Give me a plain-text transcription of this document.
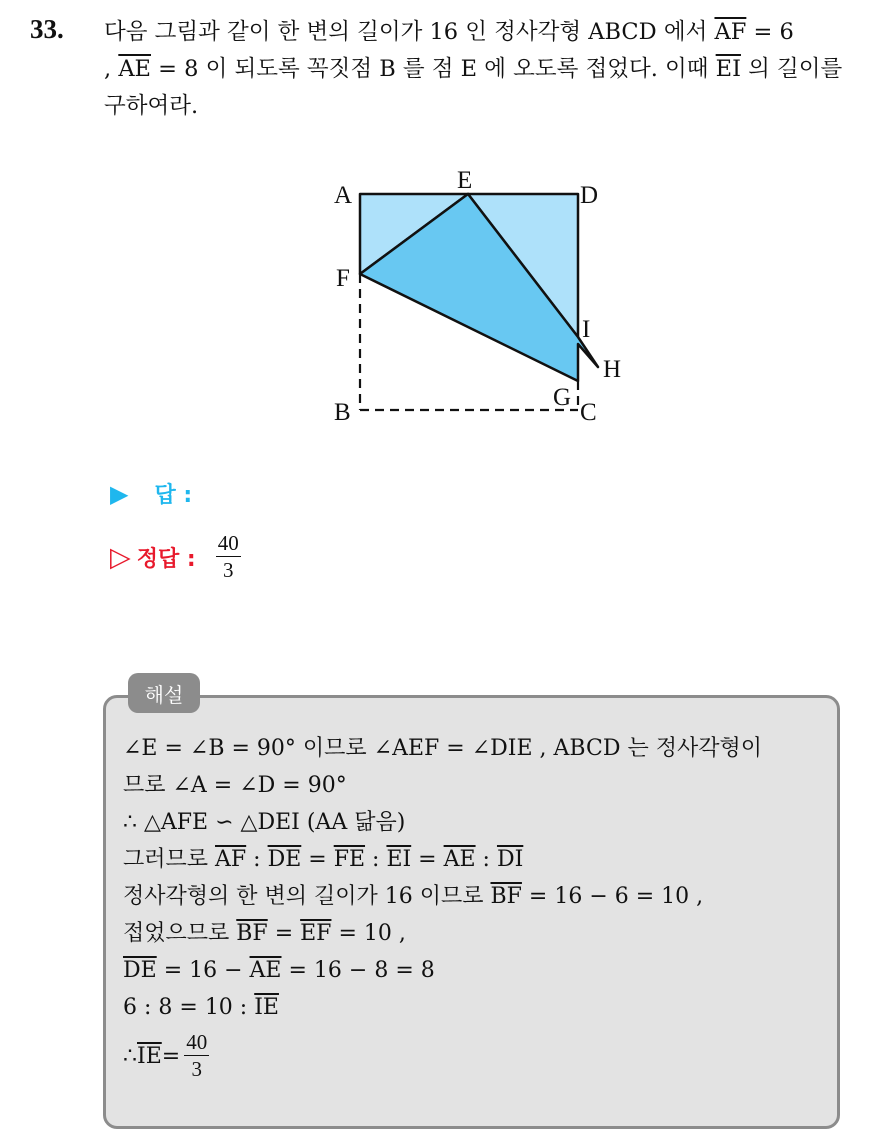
33. 다음 그림과 같이 한 변의 길이가 16 인 정사각형 ABCD 에서 $\overline{AF} = 6$
, $\overline{AE} = 8$ 이 되도록 꼭짓점 B 를 점 E 에 오도록 접었다. 이때 $\overline{EI}$ 의 길이를 구하여라.

A
E
D
F
I
H
G
B	C
▶ 답 :
▷ 정답 : $\frac{40}{3}$
해설
∠E = ∠B = 90° 이므로 ∠AEF = ∠DIE , ABCD 는 정사각형이
므로 ∠A = ∠D = 90°
∴ △AFE ∽ △DEI (AA 닮음)
그러므로 $\overline{AF}$ : $\overline{DE} = \overline{FE}$ : $\overline{EI} = \overline{AE}$ : $\overline{DI}$
정사각형의 한 변의 길이가 16 이므로 $\overline{BF} = 16 - 6 = 10$ ,
접었으므로 $\overline{BF} = \overline{EF} = 10$ ,
$\overline{DE} = 16 - \overline{AE} = 16 - 8 = 8$
6 : 8 = 10 : $\overline{IE}$
∴ $\overline{IE} = \frac{40}{3}$
